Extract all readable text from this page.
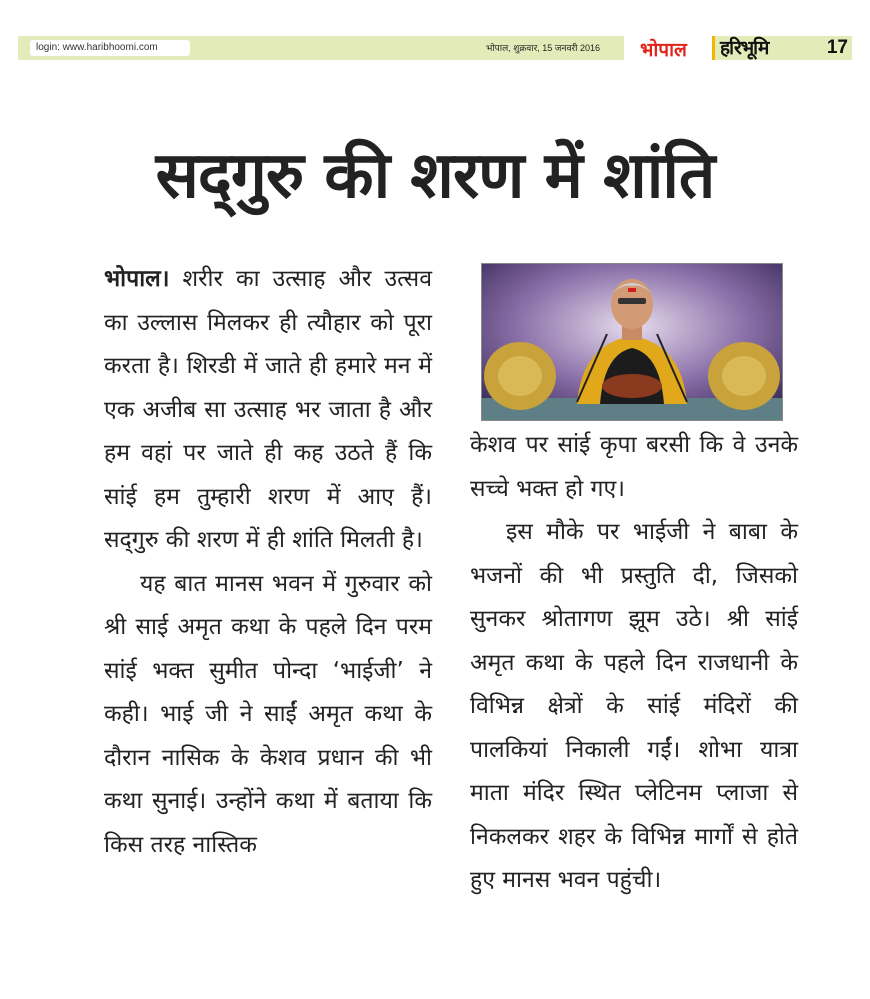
login: www.haribhoomi.com	भोपाल, शुक्रवार, 15 जनवरी 2016 भोपाल हरिभूमि	17
सद्‌गुरु की शरण में शांति

भोपाल। शरीर का उत्साह और उत्सव का उल्लास मिलकर ही त्यौहार को पूरा करता है। शिरडी में जाते ही हमारे मन में एक अजीब सा उत्साह भर जाता है और हम वहां पर जाते ही कह उठते हैं कि सांई हम तुम्हारी शरण में आए हैं। सद्‌गुरु की शरण में ही शांति मिलती है।

यह बात मानस भवन में गुरुवार को श्री साई अमृत कथा के पहले दिन परम सांई भक्त सुमीत पोन्दा ‘भाईजी’ ने कही। भाई जी ने साईं अमृत कथा के दौरान नासिक के केशव प्रधान की भी कथा सुनाई। उन्होंने कथा में बताया कि किस तरह नास्तिक

केशव पर सांई कृपा बरसी कि वे उनके सच्चे भक्त हो गए।

इस मौके पर भाईजी ने बाबा के भजनों की भी प्रस्तुति दी, जिसको सुनकर श्रोतागण झूम उठे। श्री सांई अमृत कथा के पहले दिन राजधानी के विभिन्न क्षेत्रों के सांई मंदिरों की पालकियां निकाली गईं। शोभा यात्रा माता मंदिर स्थित प्लेटिनम प्लाजा से निकलकर शहर के विभिन्न मार्गों से होते हुए मानस भवन पहुंची।
